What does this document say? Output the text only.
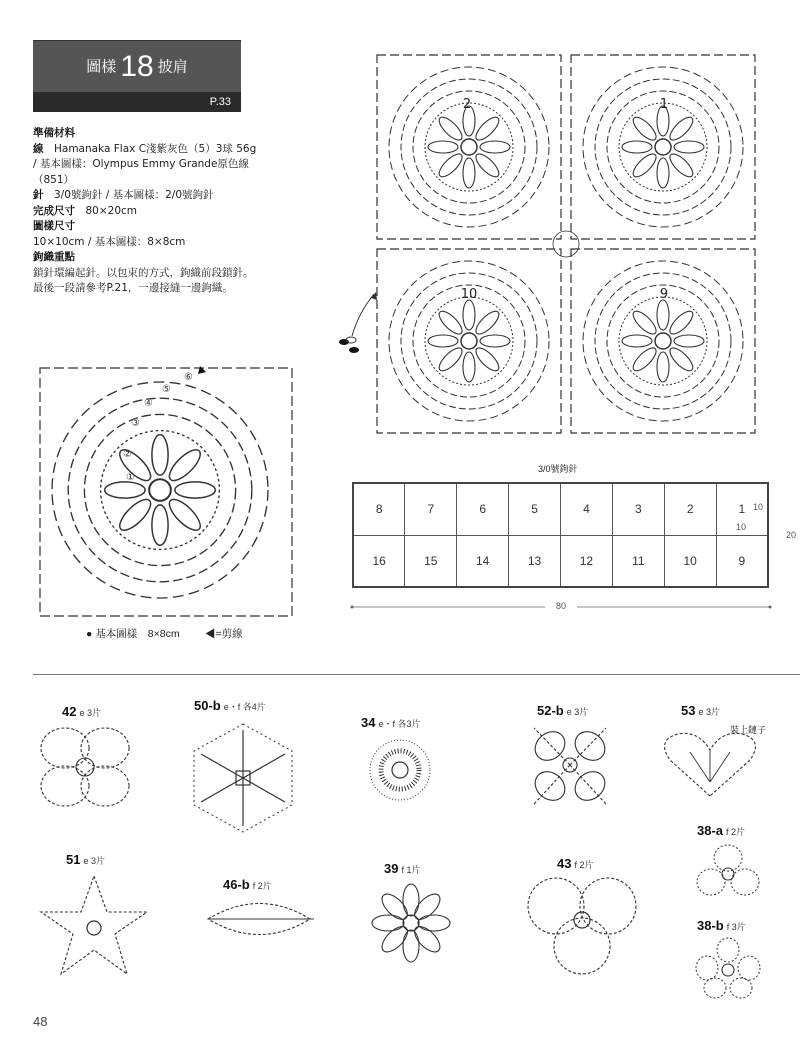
圖樣 18 披肩
P.33

準備材料

線　 Hamanaka Flax C淺紫灰色（5）3球 56g / 基本圖樣：Olympus Emmy Grande原色線（851）

針　 3/0號鉤針 / 基本圖樣：2/0號鉤針

完成尺寸　 80×20cm

圖樣尺寸

10×10cm / 基本圖樣：8×8cm

鉤織重點

鎖針環編起針。以包束的方式，鉤織前段鎖針。最後一段請參考P.21，一邊接縫一邊鉤織。

2	1
10	9
⑥
⑤
④
③
②
①
● 基本圖樣　8×8cm ◀=剪線
3/0號鉤針
8	7	6	5	4	3	2	1
16	15	14	13	12	11	10	9
10
10
20
80
42 e 3片	50-b e・f 各4片
34 e・f 各3片
52-b e 3片	53 e 3片
裝上鏈子
38-a f 2片
51 e 3片
46-b f 2片
39 f 1片	43 f 2片
38-b f 3片
48
